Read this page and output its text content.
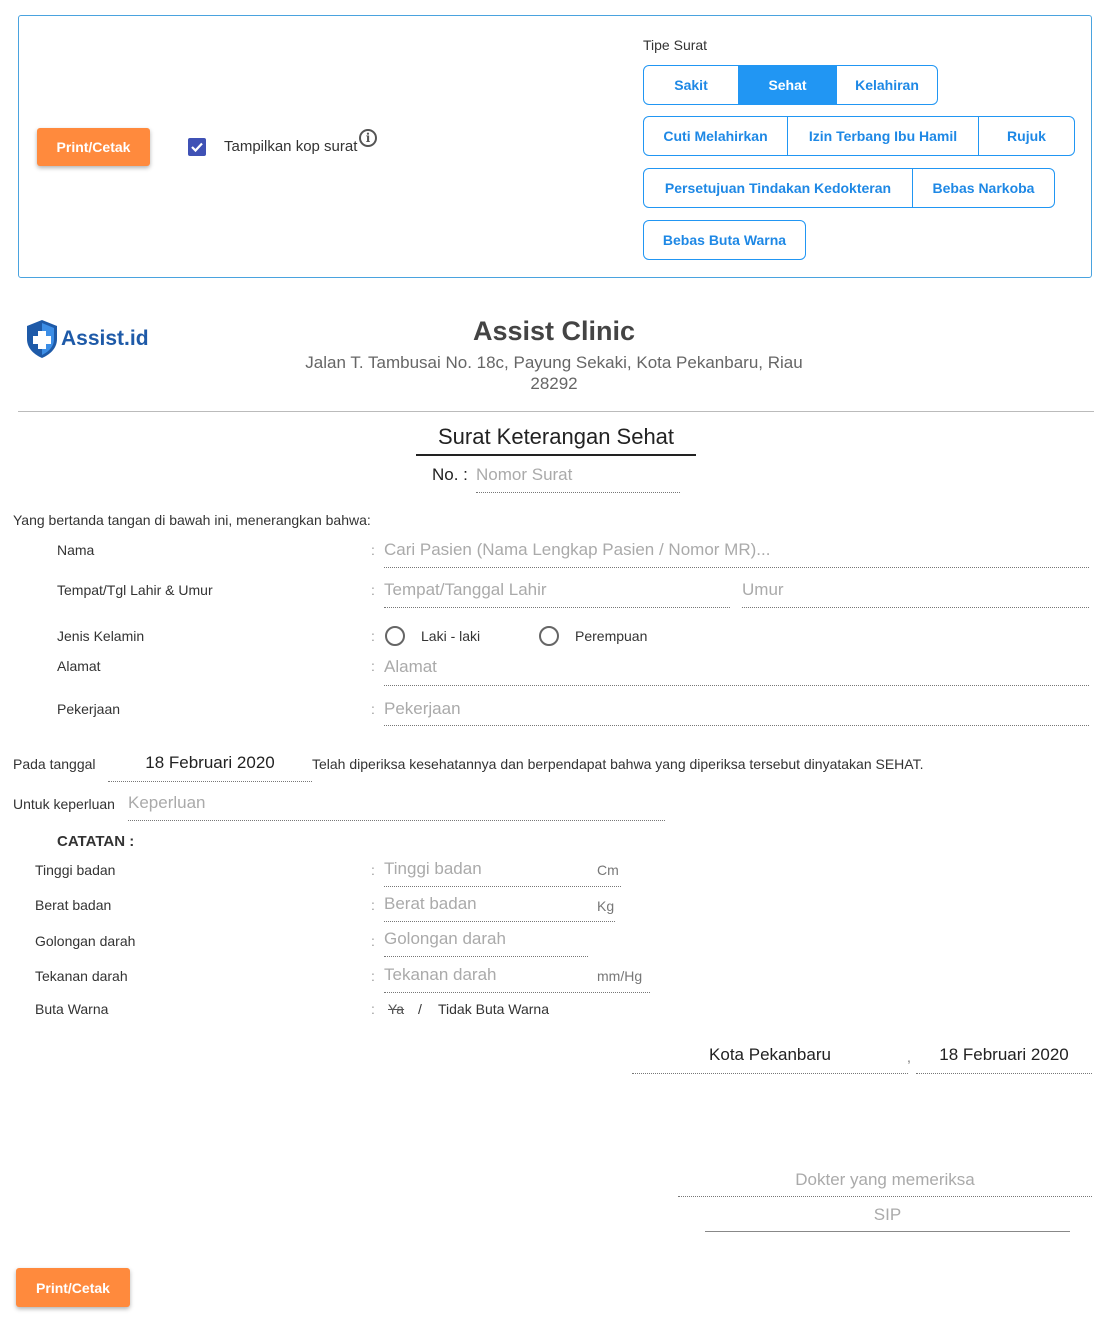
Print/Cetak	Tampilkan kop surat i
Tipe Surat
Sakit	Sehat	Kelahiran
Cuti Melahirkan	Izin Terbang Ibu Hamil	Rujuk
Persetujuan Tindakan Kedokteran	Bebas Narkoba
Bebas Buta Warna
Assist.id	Assist Clinic
Jalan T. Tambusai No. 18c, Payung Sekaki, Kota Pekanbaru, Riau
28292
Surat Keterangan Sehat
No. : Nomor Surat
Yang bertanda tangan di bawah ini, menerangkan bahwa:
Nama	: Cari Pasien (Nama Lengkap Pasien / Nomor MR)...
Tempat/Tgl Lahir & Umur	: Tempat/Tanggal Lahir	Umur
Jenis Kelamin	:	Laki - laki	Perempuan
Alamat	: Alamat
Pekerjaan	: Pekerjaan
Pada tanggal	18 Februari 2020	Telah diperiksa kesehatannya dan berpendapat bahwa yang diperiksa tersebut dinyatakan SEHAT.
Untuk keperluan Keperluan
CATATAN :
Tinggi badan	: Tinggi badan	Cm
Berat badan	: Berat badan	Kg
Golongan darah	: Golongan darah
Tekanan darah	: Tekanan darah	mm/Hg
Buta Warna	: Ya / Tidak Buta Warna
Kota Pekanbaru	,	18 Februari 2020
Dokter yang memeriksa
SIP
Print/Cetak
